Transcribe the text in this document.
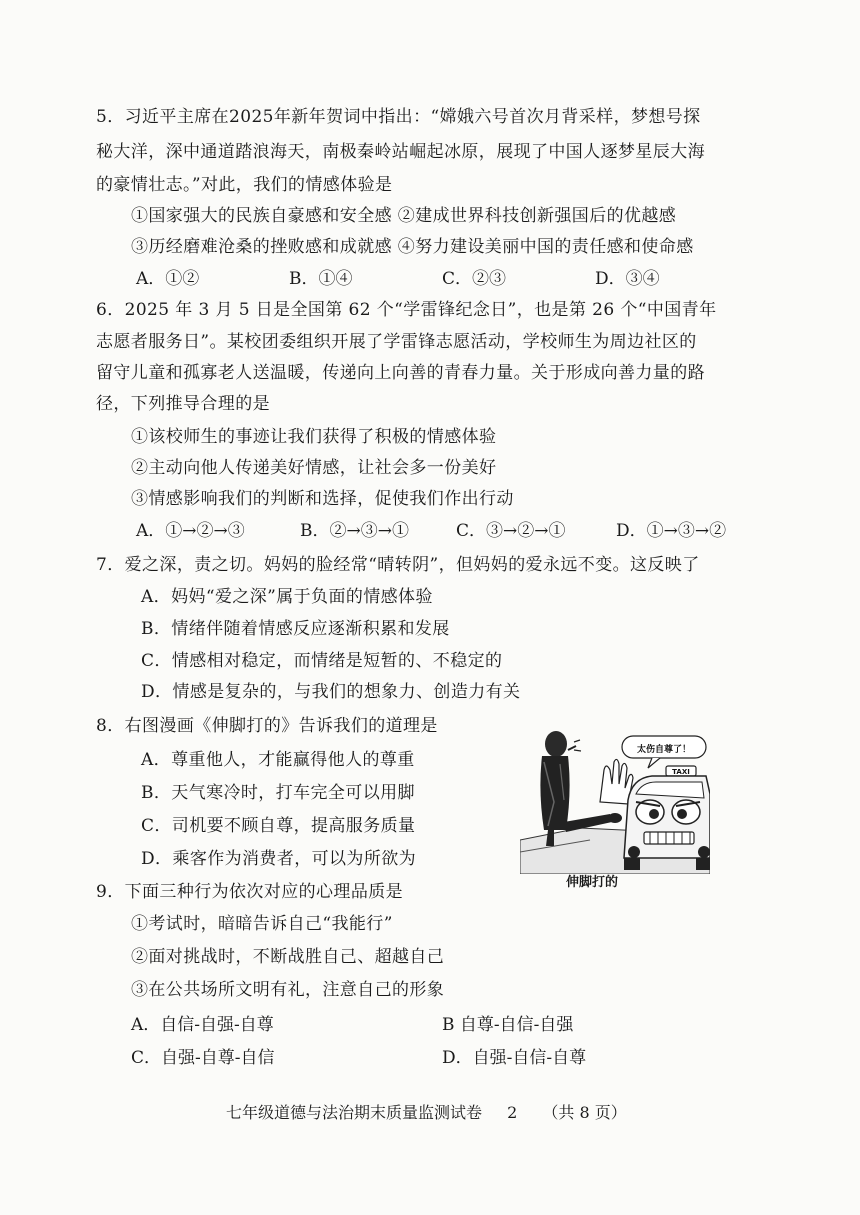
5．习近平主席在2025年新年贺词中指出：“嫦娥六号首次月背采样，梦想号探
秘大洋，深中通道踏浪海天，南极秦岭站崛起冰原，展现了中国人逐梦星辰大海
的豪情壮志。”对此，我们的情感体验是
①国家强大的民族自豪感和安全感 ②建成世界科技创新强国后的优越感
③历经磨难沧桑的挫败感和成就感 ④努力建设美丽中国的责任感和使命感
A．①②	B．①④	C．②③	D．③④
6．2025 年 3 月 5 日是全国第 62 个“学雷锋纪念日”，也是第 26 个“中国青年
志愿者服务日”。某校团委组织开展了学雷锋志愿活动，学校师生为周边社区的
留守儿童和孤寡老人送温暖，传递向上向善的青春力量。关于形成向善力量的路
径，下列推导合理的是
①该校师生的事迹让我们获得了积极的情感体验
②主动向他人传递美好情感，让社会多一份美好
③情感影响我们的判断和选择，促使我们作出行动
A．①→②→③	B．②→③→①	C．③→②→①	D．①→③→②
7．爱之深，责之切。妈妈的脸经常“晴转阴”，但妈妈的爱永远不变。这反映了
A．妈妈“爱之深”属于负面的情感体验
B．情绪伴随着情感反应逐渐积累和发展
C．情感相对稳定，而情绪是短暂的、不稳定的
D．情感是复杂的，与我们的想象力、创造力有关
8．右图漫画《伸脚打的》告诉我们的道理是
A．尊重他人，才能赢得他人的尊重
B．天气寒冷时，打车完全可以用脚
C．司机要不顾自尊，提高服务质量
D．乘客作为消费者，可以为所欲为
太伤自尊了！
TAXI
伸脚打的
9．下面三种行为依次对应的心理品质是
①考试时，暗暗告诉自己“我能行”
②面对挑战时，不断战胜自己、超越自己
③在公共场所文明有礼，注意自己的形象
A．自信-自强-自尊	B 自尊-自信-自强
C．自强-自尊-自信	D．自强-自信-自尊
七年级道德与法治期末质量监测试卷 2 （共 8 页）
